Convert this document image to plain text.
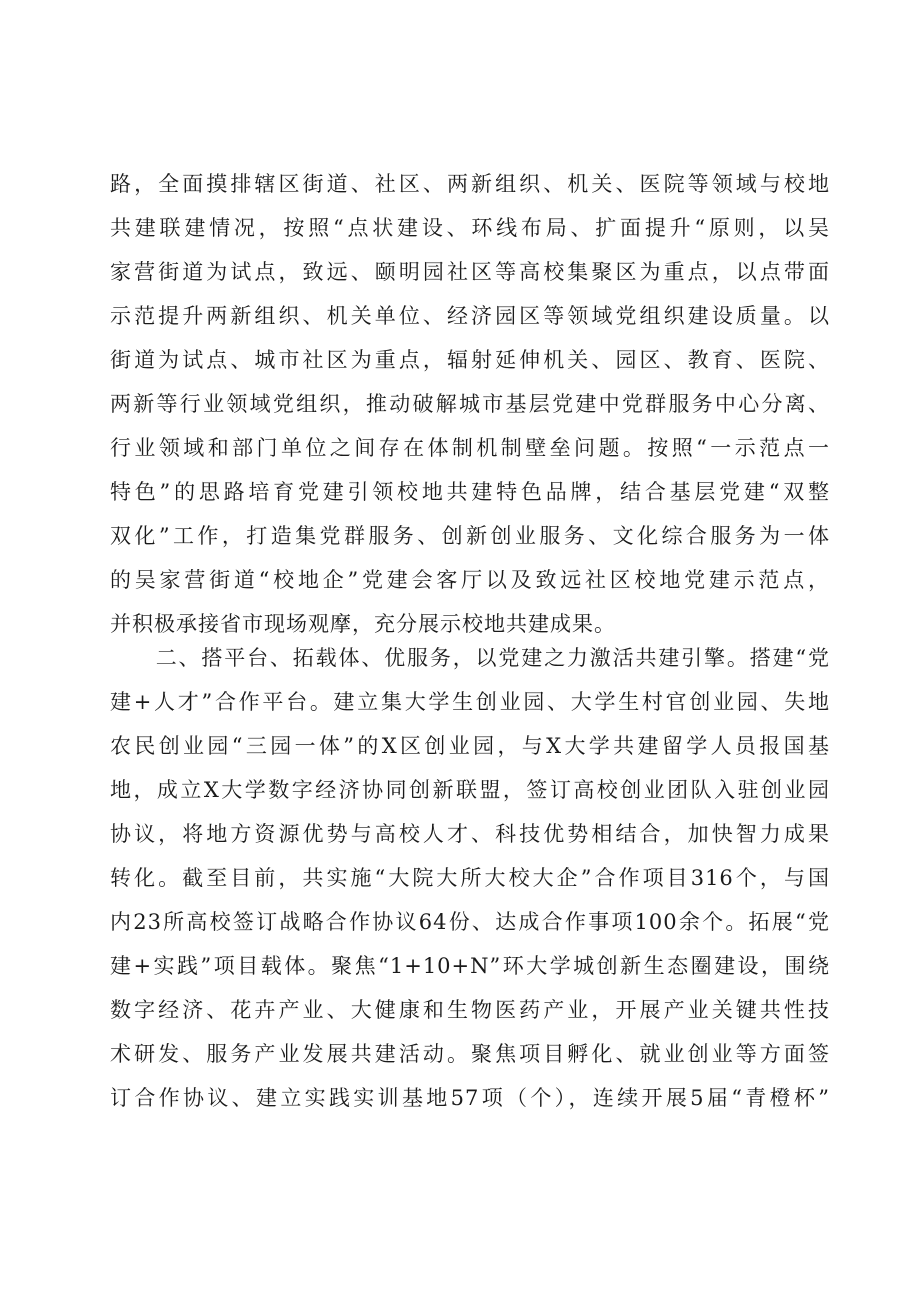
路，全面摸排辖区街道、社区、两新组织、机关、医院等领域与校地
共建联建情况，按照“点状建设、环线布局、扩面提升“原则，以吴
家营街道为试点，致远、颐明园社区等高校集聚区为重点，以点带面
示范提升两新组织、机关单位、经济园区等领域党组织建设质量。以
街道为试点、城市社区为重点，辐射延伸机关、园区、教育、医院、
两新等行业领域党组织，推动破解城市基层党建中党群服务中心分离、
行业领域和部门单位之间存在体制机制壁垒问题。按照“一示范点一
特色”的思路培育党建引领校地共建特色品牌，结合基层党建“双整
双化”工作，打造集党群服务、创新创业服务、文化综合服务为一体
的吴家营街道“校地企”党建会客厅以及致远社区校地党建示范点，
并积极承接省市现场观摩，充分展示校地共建成果。
　　二、搭平台、拓载体、优服务，以党建之力激活共建引擎。搭建“党
建+人才”合作平台。建立集大学生创业园、大学生村官创业园、失地
农民创业园“三园一体”的X区创业园，与X大学共建留学人员报国基
地，成立X大学数字经济协同创新联盟，签订高校创业团队入驻创业园
协议，将地方资源优势与高校人才、科技优势相结合，加快智力成果
转化。截至目前，共实施“大院大所大校大企”合作项目316个，与国
内23所高校签订战略合作协议64份、达成合作事项100余个。拓展“党
建+实践”项目载体。聚焦“1+10+N”环大学城创新生态圈建设，围绕
数字经济、花卉产业、大健康和生物医药产业，开展产业关键共性技
术研发、服务产业发展共建活动。聚焦项目孵化、就业创业等方面签
订合作协议、建立实践实训基地57项（个），连续开展5届“青橙杯”
